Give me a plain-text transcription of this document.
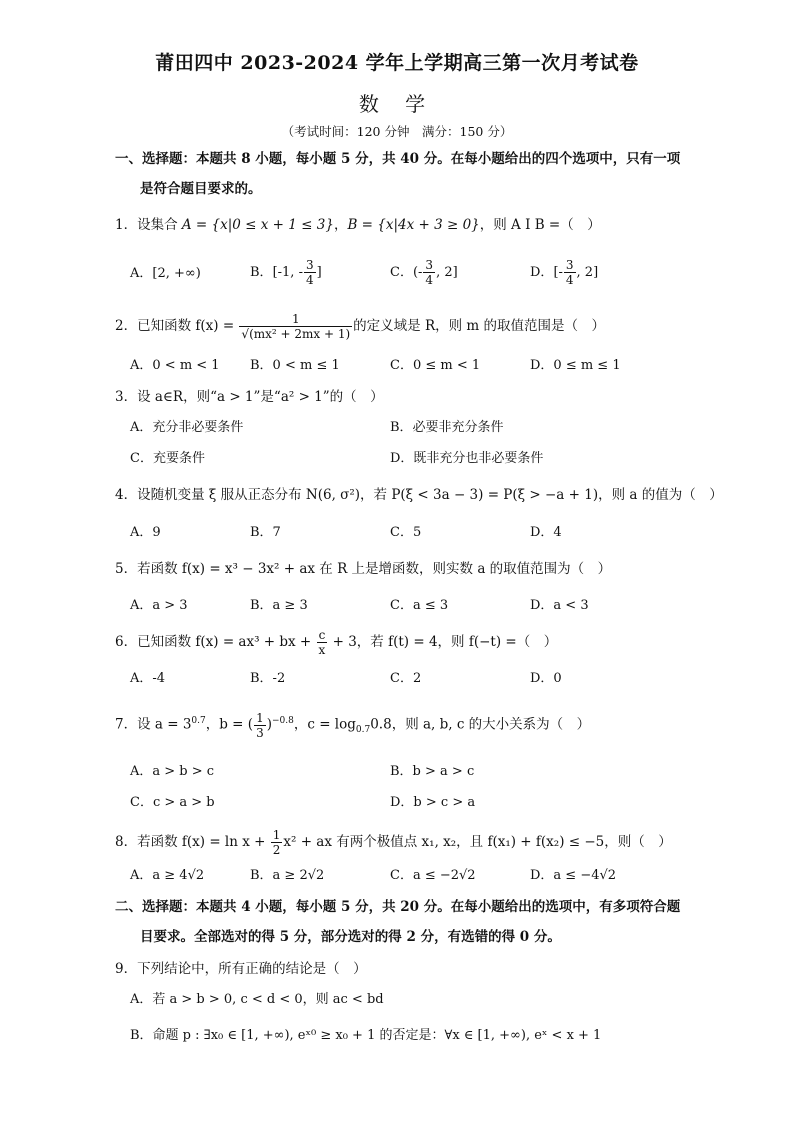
莆田四中 2023-2024 学年上学期高三第一次月考试卷
数 学
（考试时间：120 分钟　满分：150 分）
一、选择题：本题共 8 小题，每小题 5 分，共 40 分。在每小题给出的四个选项中，只有一项
是符合题目要求的。
1．设集合 A = {x|0 ≤ x + 1 ≤ 3}，B = {x|4x + 3 ≥ 0}，则 A I B =（　）
A．[2, +∞)	B．[-1, - $\frac{3}{4}$ ]	C．(- $\frac{3}{4}$ , 2]	D．[- $\frac{3}{4}$ , 2]
2．已知函数 $f(x) = \frac{1}{\text{√(mx² + 2mx + 1)}}$ 的定义域是 R，则 m 的取值范围是（　）
A．0 < m < 1 B．0 < m ≤ 1	C．0 ≤ m < 1	D．0 ≤ m ≤ 1
3．设 a∈R，则“a > 1”是“a² > 1”的（　）
A．充分非必要条件	B．必要非充分条件
C．充要条件	D．既非充分也非必要条件
4．设随机变量 ξ 服从正态分布 N(6, σ²)，若 P(ξ < 3a − 3) = P(ξ > −a + 1)，则 a 的值为（　）
A．9	B．7	C．5	D．4
5．若函数 f(x) = x³ − 3x² + ax 在 R 上是增函数，则实数 a 的取值范围为（　）
A．a > 3	B．a ≥ 3	C．a ≤ 3	D．a < 3
6．已知函数 f(x) = ax³ + bx + $\frac{c}{x} + 3$，若 f(t) = 4，则 f(−t) =（　）
A．-4	B．-2	C．2	D．0
7．设 $a = 3^{0.7}$，b = ( $\frac{1}{3} )^{-0.8}$，$c = \log_{0.7}0.8$，则 a, b, c 的大小关系为（　）
A．a > b > c	B．b > a > c
C．c > a > b	D．b > c > a
8．若函数 $f(x) = \ln x + \frac{1}{2} x^2$ + ax 有两个极值点 x₁, x₂，且 f(x₁) + f(x₂) ≤ −5，则（　）
A．a ≥ 4√2	B．a ≥ 2√2	C．a ≤ −2√2	D．a ≤ −4√2
二、选择题：本题共 4 小题，每小题 5 分，共 20 分。在每小题给出的选项中，有多项符合题
目要求。全部选对的得 5 分，部分选对的得 2 分，有选错的得 0 分。
9．下列结论中，所有正确的结论是（　）
A．若 a > b > 0, c < d < 0，则 ac < bd
B．命题 p : ∃x₀ ∈ [1, +∞), eˣ⁰ ≥ x₀ + 1 的否定是：∀x ∈ [1, +∞), eˣ < x + 1
